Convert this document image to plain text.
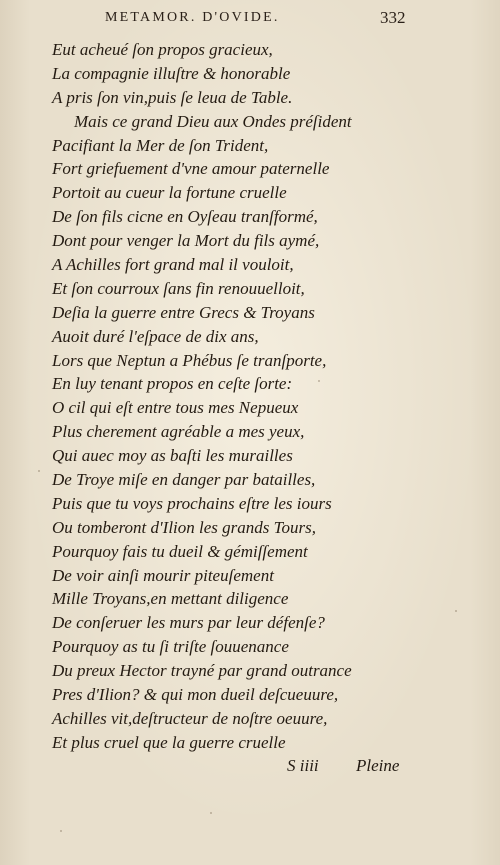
METAMOR. D'OVIDE.	332
Eut acheué ſon propos gracieux,
La compagnie illuſtre & honorable
A pris ſon vin,puis ſe leua de Table.
Mais ce grand Dieu aux Ondes préſident
Pacifiant la Mer de ſon Trident,
Fort griefuement d'vne amour paternelle
Portoit au cueur la fortune cruelle
De ſon fils cicne en Oyſeau tranſformé,
Dont pour venger la Mort du fils aymé,
A Achilles fort grand mal il vouloit,
Et ſon courroux ſans fin renouuelloit,
Deſia la guerre entre Grecs & Troyans
Auoit duré l'eſpace de dix ans,
Lors que Neptun a Phébus ſe tranſporte,
En luy tenant propos en ceſte ſorte:
O cil qui eſt entre tous mes Nepueux
Plus cherement agréable a mes yeux,
Qui auec moy as baſti les murailles
De Troye miſe en danger par batailles,
Puis que tu voys prochains eſtre les iours
Ou tomberont d'Ilion les grands Tours,
Pourquoy fais tu dueil & gémiſſement
De voir ainſi mourir piteuſement
Mille Troyans,en mettant diligence
De conſeruer les murs par leur défenſe?
Pourquoy as tu ſi triſte ſouuenance
Du preux Hector trayné par grand outrance
Pres d'Ilion? & qui mon dueil deſcueuure,
Achilles vit,deſtructeur de noſtre oeuure,
Et plus cruel que la guerre cruelle
S iiii Pleine
